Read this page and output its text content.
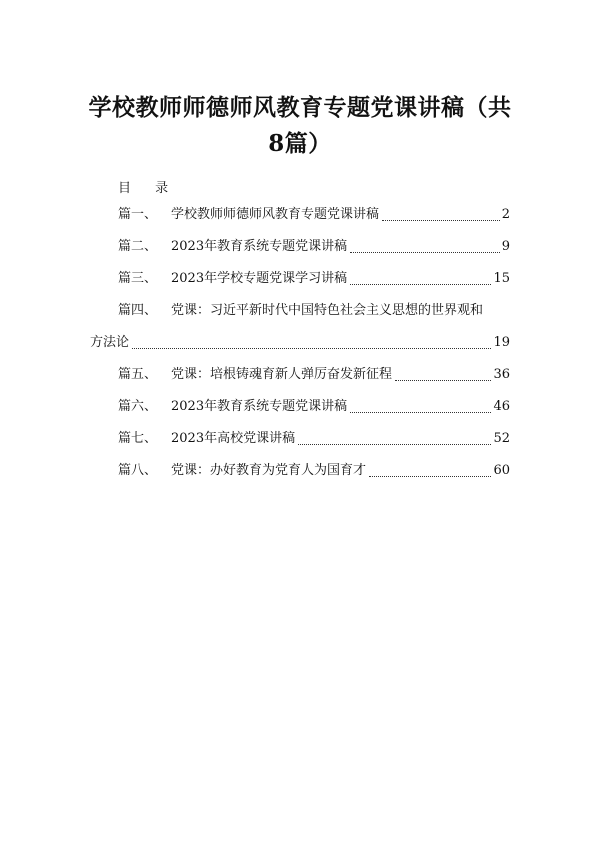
学校教师师德师风教育专题党课讲稿（共
8篇）
目 录
篇一、 学校教师师德师风教育专题党课讲稿	2
篇二、 2023年教育系统专题党课讲稿	9
篇三、 2023年学校专题党课学习讲稿	15
篇四、 党课：习近平新时代中国特色社会主义思想的世界观和
方法论	19
篇五、 党课：培根铸魂育新人弹厉奋发新征程	36
篇六、 2023年教育系统专题党课讲稿	46
篇七、 2023年高校党课讲稿	52
篇八、 党课：办好教育为党育人为国育才	60
